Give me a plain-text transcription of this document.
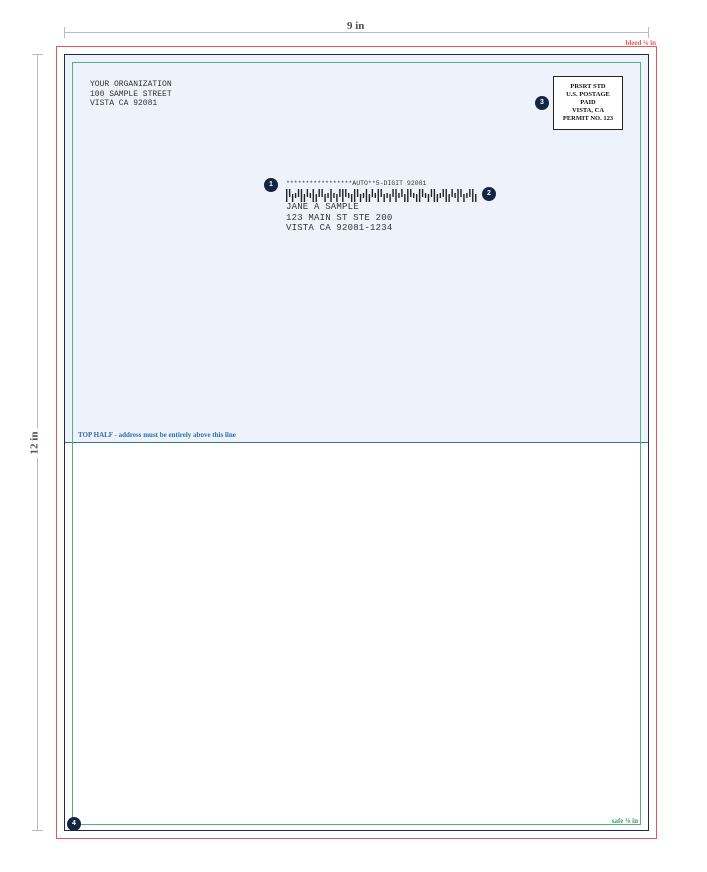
9 in
12 in
bleed ⅛ in
TOP HALF - address must be entirely above this line
safe ⅛ in
YOUR ORGANIZATION
100 SAMPLE STREET
VISTA CA 92081	3
PRSRT STD
U.S. POSTAGE
PAID
VISTA, CA
PERMIT NO. 123
1
2
*****************AUTO**5-DIGIT 92081
JANE A SAMPLE
123 MAIN ST STE 200
VISTA CA 92081-1234
4
